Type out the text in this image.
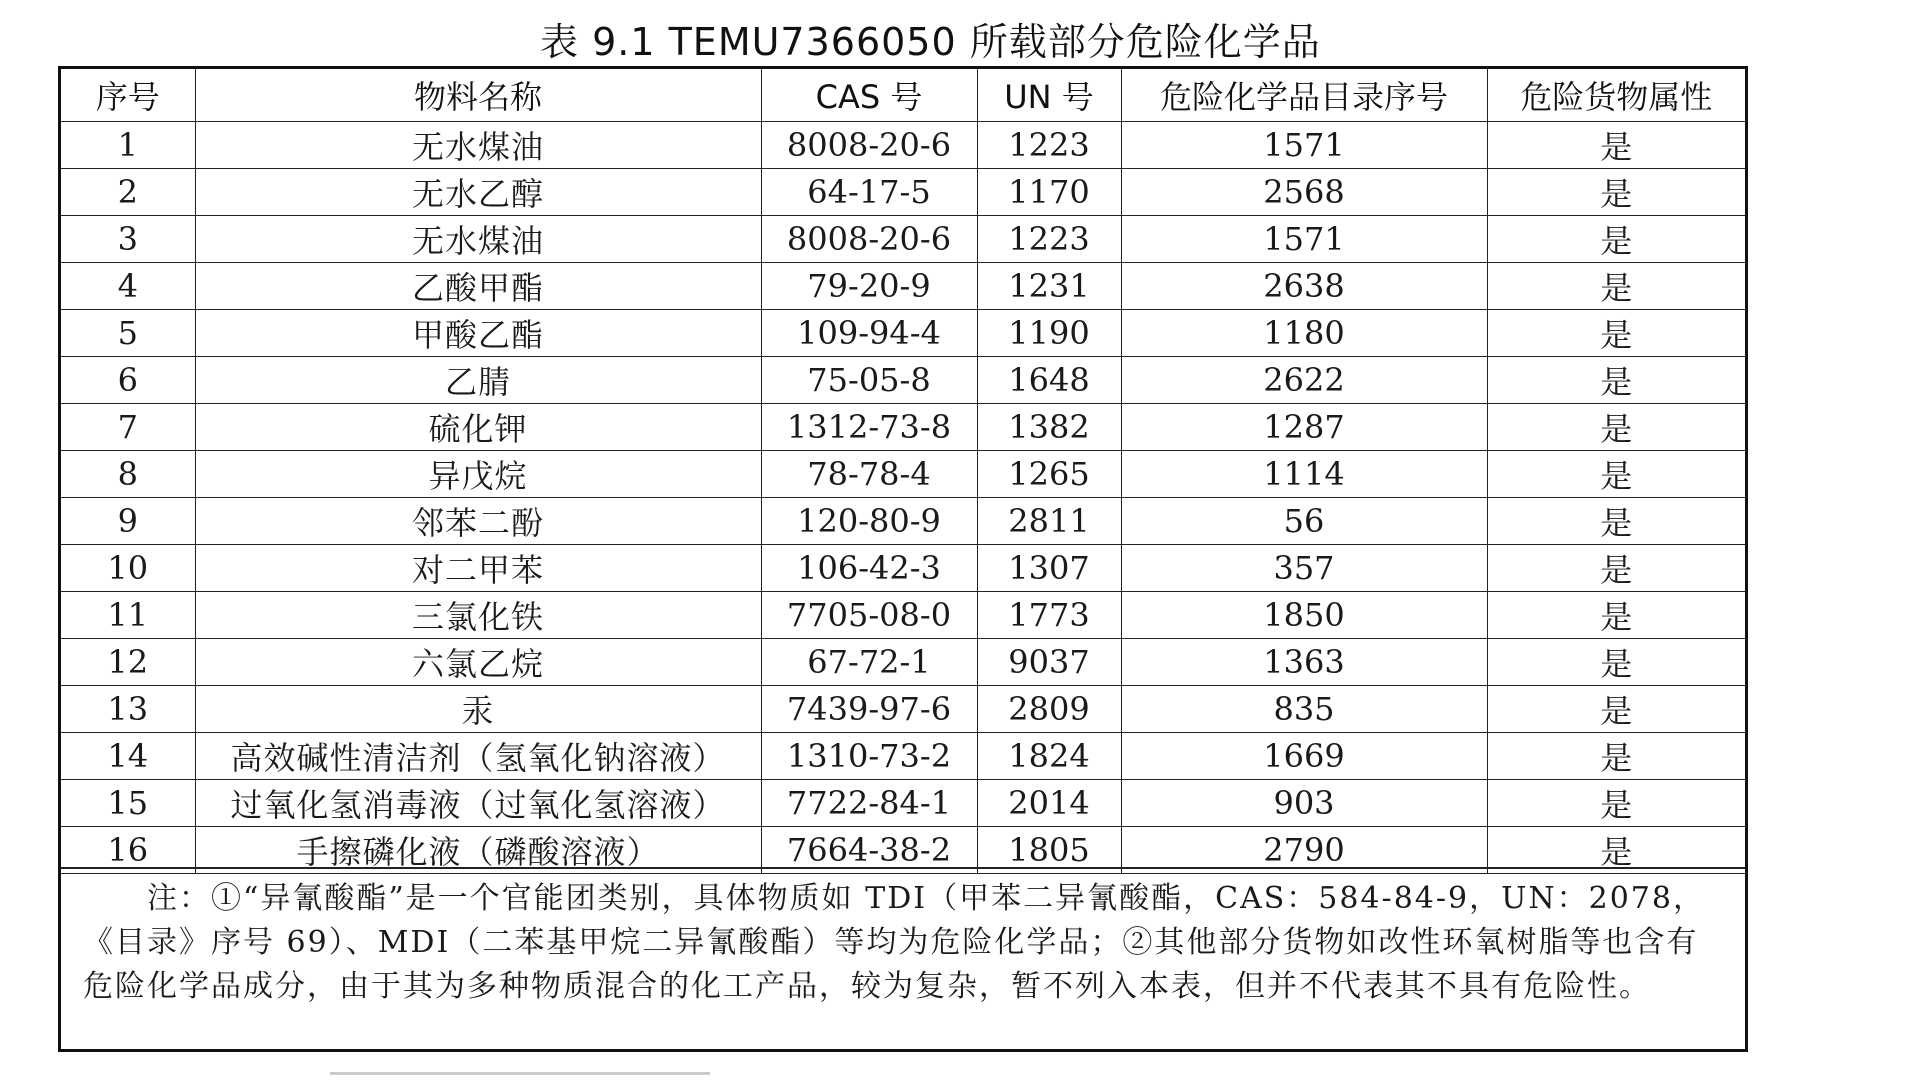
表 9.1 TEMU7366050 所载部分危险化学品
序号	物料名称	CAS 号	UN 号	危险化学品目录序号	危险货物属性
1	无水煤油	8008-20-6	1223	1571	是
2	无水乙醇	64-17-5	1170	2568	是
3	无水煤油	8008-20-6	1223	1571	是
4	乙酸甲酯	79-20-9	1231	2638	是
5	甲酸乙酯	109-94-4	1190	1180	是
6	乙腈	75-05-8	1648	2622	是
7	硫化钾	1312-73-8	1382	1287	是
8	异戊烷	78-78-4	1265	1114	是
9	邻苯二酚	120-80-9	2811	56	是
10	对二甲苯	106-42-3	1307	357	是
11	三氯化铁	7705-08-0	1773	1850	是
12	六氯乙烷	67-72-1	9037	1363	是
13	汞	7439-97-6	2809	835	是
14	高效碱性清洁剂（氢氧化钠溶液）	1310-73-2	1824	1669	是
15	过氧化氢消毒液（过氧化氢溶液）	7722-84-1	2014	903	是
16	手擦磷化液（磷酸溶液）	7664-38-2	1805	2790	是
注：①“异氰酸酯”是一个官能团类别，具体物质如 TDI（甲苯二异氰酸酯，CAS：584-84-9，UN：2078，《目录》序号 69）、MDI（二苯基甲烷二异氰酸酯）等均为危险化学品；②其他部分货物如改性环氧树脂等也含有危险化学品成分，由于其为多种物质混合的化工产品，较为复杂，暂不列入本表，但并不代表其不具有危险性。
